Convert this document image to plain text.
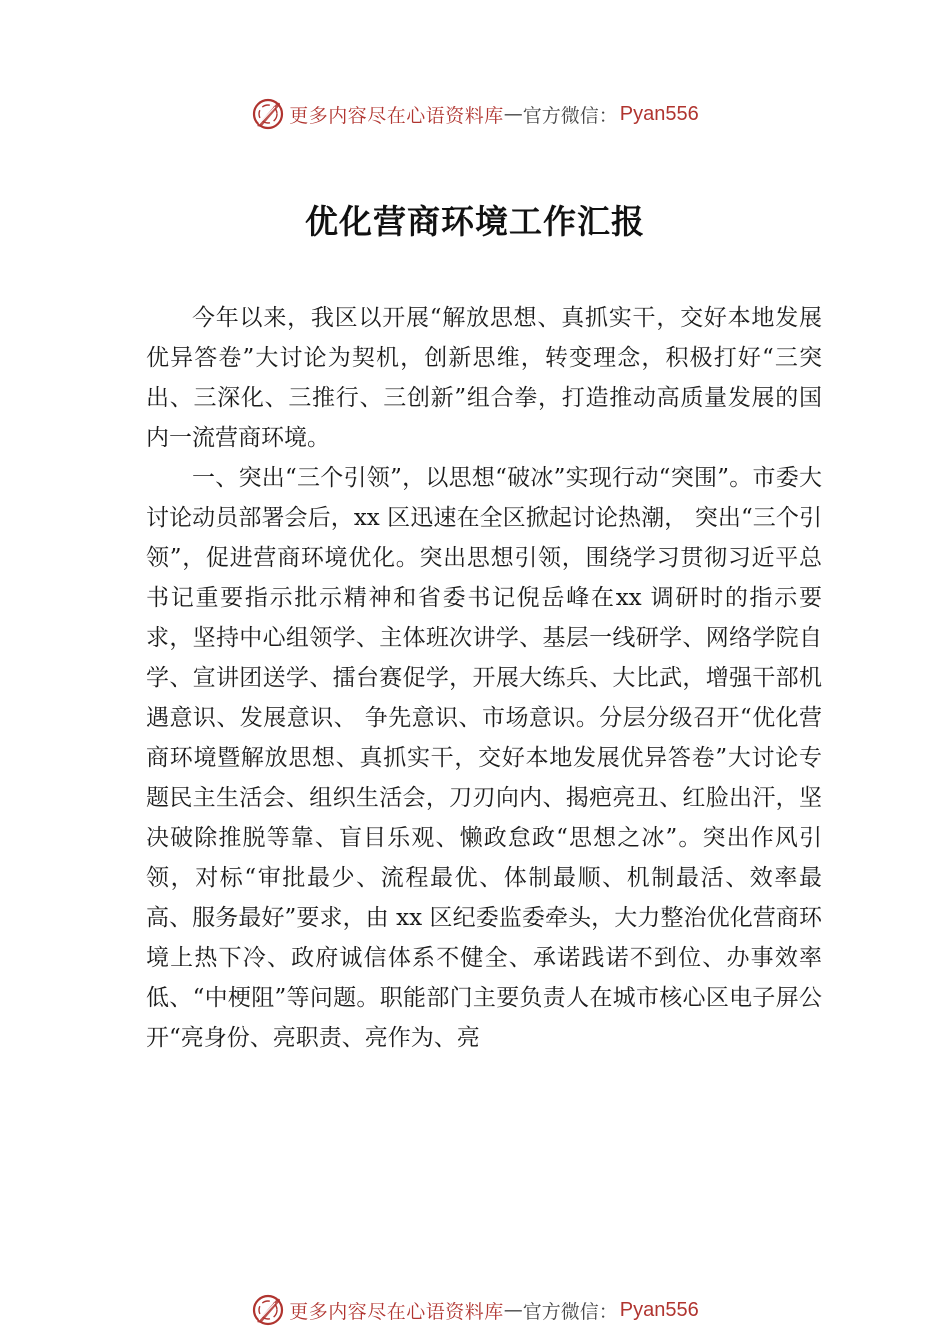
更多内容尽在心语资料库 — 官方微信： Pyan556
优化营商环境工作汇报

今年以来，我区以开展“解放思想、真抓实干，交好本地发展优异答卷”大讨论为契机，创新思维，转变理念，积极打好“三突出、三深化、三推行、三创新”组合拳，打造推动高质量发展的国内一流营商环境。

一、突出“三个引领”，以思想“破冰”实现行动“突围”。市委大讨论动员部署会后，xx 区迅速在全区掀起讨论热潮， 突出“三个引领”，促进营商环境优化。突出思想引领，围绕学习贯彻习近平总书记重要指示批示精神和省委书记倪岳峰在xx 调研时的指示要求，坚持中心组领学、主体班次讲学、基层一线研学、网络学院自学、宣讲团送学、擂台赛促学，开展大练兵、大比武，增强干部机遇意识、发展意识、 争先意识、市场意识。分层分级召开“优化营商环境暨解放思想、真抓实干，交好本地发展优异答卷”大讨论专题民主生活会、组织生活会，刀刃向内、揭疤亮丑、红脸出汗，坚决破除推脱等靠、盲目乐观、懒政怠政“思想之冰”。突出作风引领，对标“审批最少、流程最优、体制最顺、机制最活、效率最高、服务最好”要求，由 xx 区纪委监委牵头，大力整治优化营商环境上热下冷、政府诚信体系不健全、承诺践诺不到位、办事效率低、“中梗阻”等问题。职能部门主要负责人在城市核心区电子屏公开“亮身份、亮职责、亮作为、亮

更多内容尽在心语资料库 — 官方微信： Pyan556
